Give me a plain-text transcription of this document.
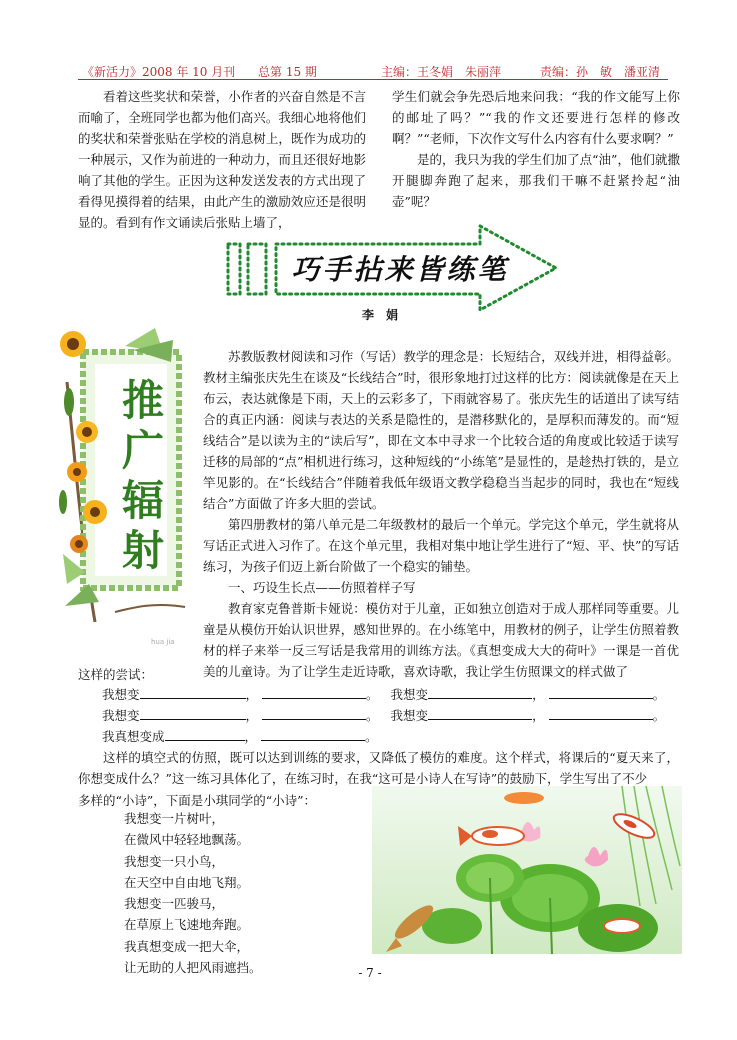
《新活力》2008 年 10 月刊 总第 15 期	主编：王冬娟　朱丽萍	责编：孙　敏　潘亚清

看着这些奖状和荣誉，小作者的兴奋自然是不言而喻了，全班同学也都为他们高兴。我细心地将他们的奖状和荣誉张贴在学校的消息树上，既作为成功的一种展示，又作为前进的一种动力，而且还很好地影响了其他的学生。正因为这种发送发表的方式出现了看得见摸得着的结果，由此产生的激励效应还是很明显的。看到有作文诵读后张贴上墙了，

学生们就会争先恐后地来问我：“我的作文能写上你的邮址了吗？”“我的作文还要进行怎样的修改啊？”“老师，下次作文写什么内容有什么要求啊？”

是的，我只为我的学生们加了点“油”，他们就撒开腿脚奔跑了起来，那我们干嘛不赶紧拎起“油壶”呢？

巧手拈来皆练笔
李　娟
推
广
辐
射
hua jia

苏教版教材阅读和习作（写话）教学的理念是：长短结合，双线并进，相得益彰。教材主编张庆先生在谈及“长线结合”时，很形象地打过这样的比方：阅读就像是在天上布云，表达就像是下雨，天上的云彩多了，下雨就容易了。张庆先生的话道出了读写结合的真正内涵：阅读与表达的关系是隐性的，是潜移默化的，是厚积而薄发的。而“短线结合”是以读为主的“读后写”，即在文本中寻求一个比较合适的角度或比较适于读写迁移的局部的“点”相机进行练习，这种短线的“小练笔”是显性的，是趁热打铁的，是立竿见影的。在“长线结合”伴随着我低年级语文教学稳稳当当起步的同时，我也在“短线结合”方面做了许多大胆的尝试。

第四册教材的第八单元是二年级教材的最后一个单元。学完这个单元，学生就将从写话正式进入习作了。在这个单元里，我相对集中地让学生进行了“短、平、快”的写话练习，为孩子们迈上新台阶做了一个稳实的铺垫。

一、巧设生长点——仿照着样子写

教育家克鲁普斯卡娅说：模仿对于儿童，正如独立创造对于成人那样同等重要。儿童是从模仿开始认识世界，感知世界的。在小练笔中，用教材的例子，让学生仿照着教材的样子来举一反三写话是我常用的训练方法。《真想变成大大的荷叶》一课是一首优美的儿童诗。为了让学生走近诗歌，喜欢诗歌，我让学生仿照课文的样式做了

这样的尝试：

我想变	，	。 我想变	，	。
我想变	，	。 我想变	，	。
我真想变成	，	。

这样的填空式的仿照，既可以达到训练的要求，又降低了模仿的难度。这个样式，将课后的“夏天来了，你想变成什么？”这一练习具体化了，在练习时，在我“这可是小诗人在写诗”的鼓励下，学生写出了不少

多样的“小诗”，下面是小琪同学的“小诗”：

我想变一片树叶，
在微风中轻轻地飘荡。
我想变一只小鸟，
在天空中自由地飞翔。
我想变一匹骏马，
在草原上飞速地奔跑。
我真想变成一把大伞，
让无助的人把风雨遮挡。	- 7 -
